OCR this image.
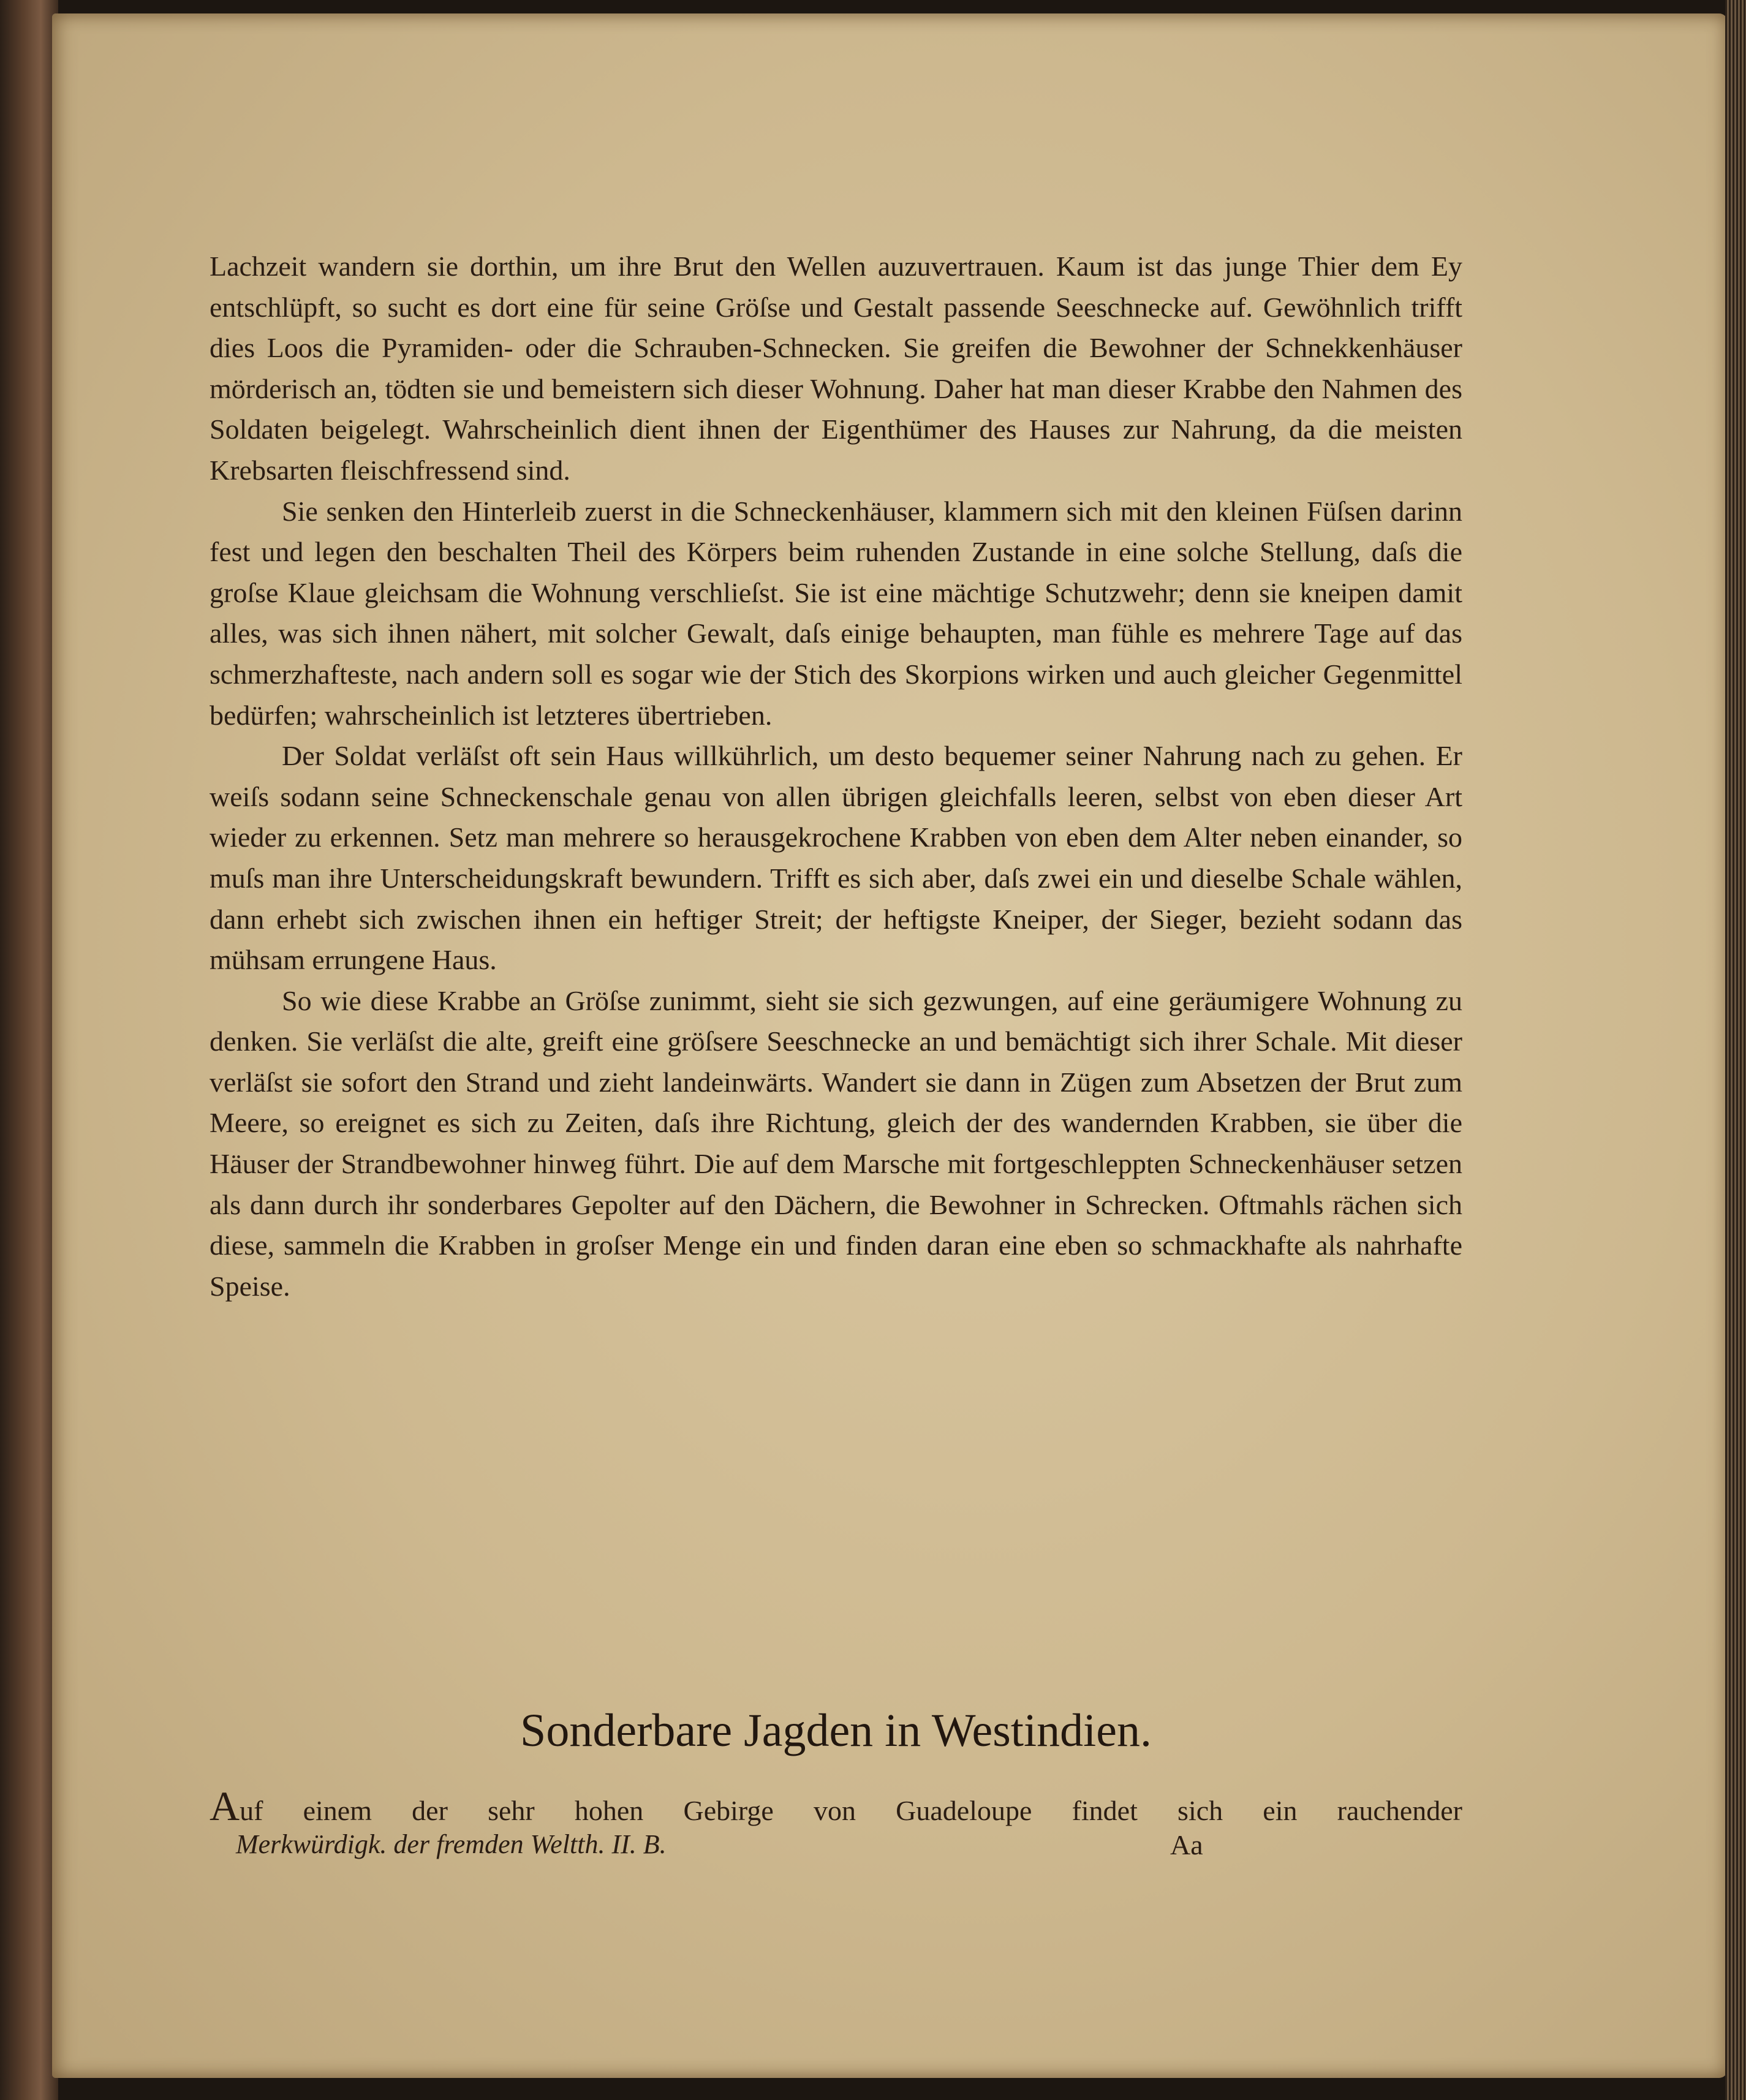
Lachzeit wandern sie dorthin, um ihre Brut den Wellen auzuvertrauen. Kaum ist das junge Thier dem Ey entschlüpft, so sucht es dort eine für seine Gröſse und Gestalt passende Seeschnecke auf. Gewöhnlich trifft dies Loos die Pyramiden- oder die Schrauben-Schnecken. Sie greifen die Bewohner der Schnekkenhäuser mörderisch an, tödten sie und bemeistern sich dieser Wohnung. Daher hat man dieser Krabbe den Nahmen des Soldaten beigelegt. Wahrscheinlich dient ihnen der Eigenthümer des Hauses zur Nahrung, da die meisten Krebsarten fleischfressend sind.

Sie senken den Hinterleib zuerst in die Schneckenhäuser, klammern sich mit den kleinen Füſsen darinn fest und legen den beschalten Theil des Körpers beim ruhenden Zustande in eine solche Stellung, daſs die groſse Klaue gleichsam die Wohnung verschlieſst. Sie ist eine mächtige Schutzwehr; denn sie kneipen damit alles, was sich ihnen nähert, mit solcher Gewalt, daſs einige behaupten, man fühle es mehrere Tage auf das schmerzhafteste, nach andern soll es sogar wie der Stich des Skorpions wirken und auch gleicher Gegenmittel bedürfen; wahrscheinlich ist letzteres übertrieben.

Der Soldat verläſst oft sein Haus willkührlich, um desto bequemer seiner Nahrung nach zu gehen. Er weiſs sodann seine Schneckenschale genau von allen übrigen gleichfalls leeren, selbst von eben dieser Art wieder zu erkennen. Setz man mehrere so herausgekrochene Krabben von eben dem Alter neben einander, so muſs man ihre Unterscheidungskraft bewundern. Trifft es sich aber, daſs zwei ein und dieselbe Schale wählen, dann erhebt sich zwischen ihnen ein heftiger Streit; der heftigste Kneiper, der Sieger, bezieht sodann das mühsam errungene Haus.

So wie diese Krabbe an Gröſse zunimmt, sieht sie sich gezwungen, auf eine geräumigere Wohnung zu denken. Sie verläſst die alte, greift eine gröſsere Seeschnecke an und bemächtigt sich ihrer Schale. Mit dieser verläſst sie sofort den Strand und zieht landeinwärts. Wandert sie dann in Zügen zum Absetzen der Brut zum Meere, so ereignet es sich zu Zeiten, daſs ihre Richtung, gleich der des wandernden Krabben, sie über die Häuser der Strandbewohner hinweg führt. Die auf dem Marsche mit fortgeschleppten Schneckenhäuser setzen als dann durch ihr sonderbares Gepolter auf den Dächern, die Bewohner in Schrecken. Oftmahls rächen sich diese, sammeln die Krabben in groſser Menge ein und finden daran eine eben so schmackhafte als nahrhafte Speise.

Sonderbare Jagden in Westindien.
Auf einem der sehr hohen Gebirge von Guadeloupe findet sich ein rauchender
Merkwürdigk. der fremden Weltth. II. B.	Aa
